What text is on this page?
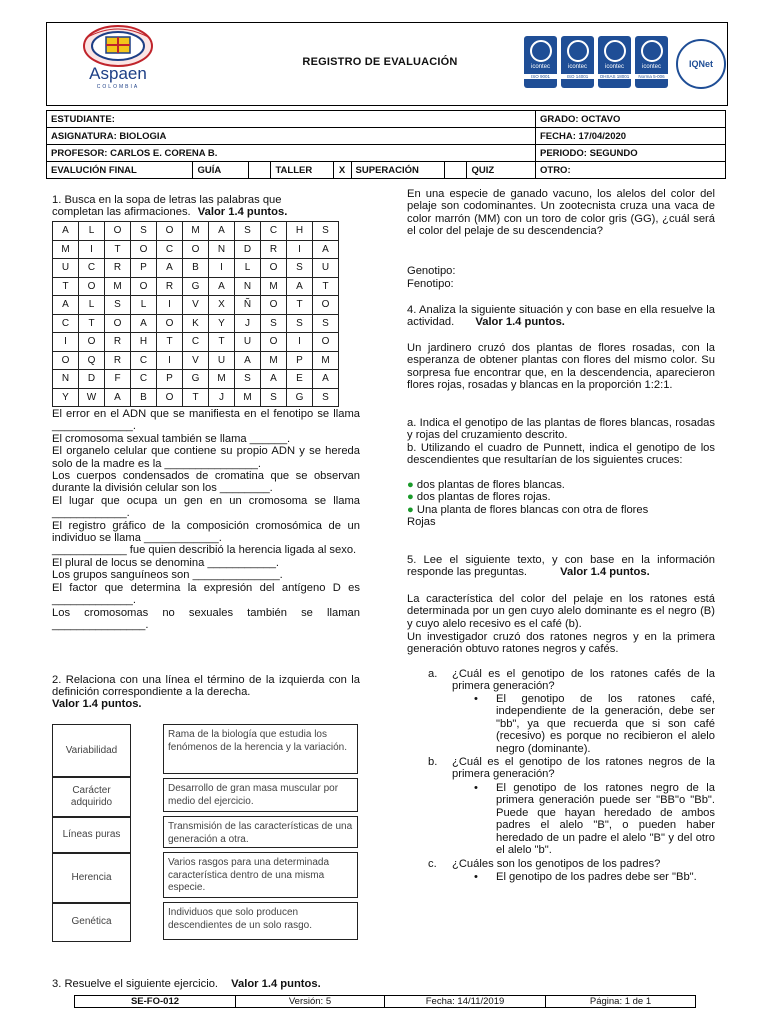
Aspaen
COLOMBIA
REGISTRO DE EVALUACIÓN	icontec
ISO 9001
icontec
ISO 14001
icontec
OHSAS 18001
icontec
Norma 5-006
IQNet
ESTUDIANTE:								GRADO: OCTAVO
ASIGNATURA: BIOLOGIA								FECHA: 17/04/2020
PROFESOR: CARLOS E. CORENA B.								PERIODO: SEGUNDO
EVALUCIÓN FINAL	GUÍA		TALLER	X	SUPERACIÓN		QUIZ	OTRO:
1. Busca en la sopa de letras las palabras que
completan las afirmaciones. Valor 1.4 puntos.
A	L	O	S	O	M	A	S	C	H	S
M	I	T	O	C	O	N	D	R	I	A
U	C	R	P	A	B	I	L	O	S	U
T	O	M	O	R	G	A	N	M	A	T
A	L	S	L	I	V	X	Ñ	O	T	O
C	T	O	A	O	K	Y	J	S	S	S
I	O	R	H	T	C	T	U	O	I	O
O	Q	R	C	I	V	U	A	M	P	M
N	D	F	C	P	G	M	S	A	E	A
Y	W	A	B	O	T	J	M	S	G	S
El error en el ADN que se manifiesta en el fenotipo se llama _____________.
El cromosoma sexual también se llama ______.
El organelo celular que contiene su propio ADN y se hereda solo de la madre es la _______________.
Los cuerpos condensados de cromatina que se observan durante la división celular son los ________.
El lugar que ocupa un gen en un cromosoma se llama ____________.
El registro gráfico de la composición cromosómica de un individuo se llama ____________.
____________ fue quien describió la herencia ligada al sexo.
El plural de locus se denomina ___________.
Los grupos sanguíneos son ______________.
El factor que determina la expresión del antígeno D es _____________.
Los cromosomas no sexuales también se llaman _______________.
2. Relaciona con una línea el término de la izquierda con la definición correspondiente a la derecha.
Valor 1.4 puntos.
Variabilidad
Carácter adquirido
Líneas puras
Herencia
Genética
Rama de la biología que estudia los fenómenos de la herencia y la variación.
Desarrollo de gran masa muscular por medio del ejercicio.
Transmisión de las características de una generación a otra.
Varios rasgos para una determinada característica dentro de una misma especie.
Individuos que solo producen descendientes de un solo rasgo.
3. Resuelve el siguiente ejercicio. Valor 1.4 puntos.
En una especie de ganado vacuno, los alelos del color del pelaje son codominantes. Un zootecnista cruza una vaca de color marrón (MM) con un toro de color gris (GG), ¿cuál será el color del pelaje de su descendencia?
Genotipo:
Fenotipo:
4. Analiza la siguiente situación y con base en ella resuelve la actividad. Valor 1.4 puntos.
Un jardinero cruzó dos plantas de flores rosadas, con la esperanza de obtener plantas con flores del mismo color. Su sorpresa fue encontrar que, en la descendencia, aparecieron flores rojas, rosadas y blancas en la proporción 1:2:1.
a. Indica el genotipo de las plantas de flores blancas, rosadas y rojas del cruzamiento descrito.
b. Utilizando el cuadro de Punnett, indica el genotipo de los descendientes que resultarían de los siguientes cruces:
● dos plantas de flores blancas.
● dos plantas de flores rojas.
● Una planta de flores blancas con otra de flores
Rojas
5. Lee el siguiente texto, y con base en la información responde las preguntas.	Valor 1.4 puntos.
La característica del color del pelaje en los ratones está determinada por un gen cuyo alelo dominante es el negro (B) y cuyo alelo recesivo es el café (b).
Un investigador cruzó dos ratones negros y en la primera generación obtuvo ratones negros y cafés.
a. ¿Cuál es el genotipo de los ratones cafés de la primera generación?
• El genotipo de los ratones café, independiente de la generación, debe ser "bb", ya que recuerda que si son café (recesivo) es porque no recibieron el alelo negro (dominante).
b. ¿Cuál es el genotipo de los ratones negros de la primera generación?
• El genotipo de los ratones negro de la primera generación puede ser "BB"o "Bb". Puede que hayan heredado de ambos padres el alelo "B", o pueden haber heredado de un padre el alelo "B" y del otro el alelo "b".
c. ¿Cuáles son los genotipos de los padres?
• El genotipo de los padres debe ser "Bb".
SE-FO-012	Versión: 5	Fecha: 14/11/2019	Página: 1 de 1
